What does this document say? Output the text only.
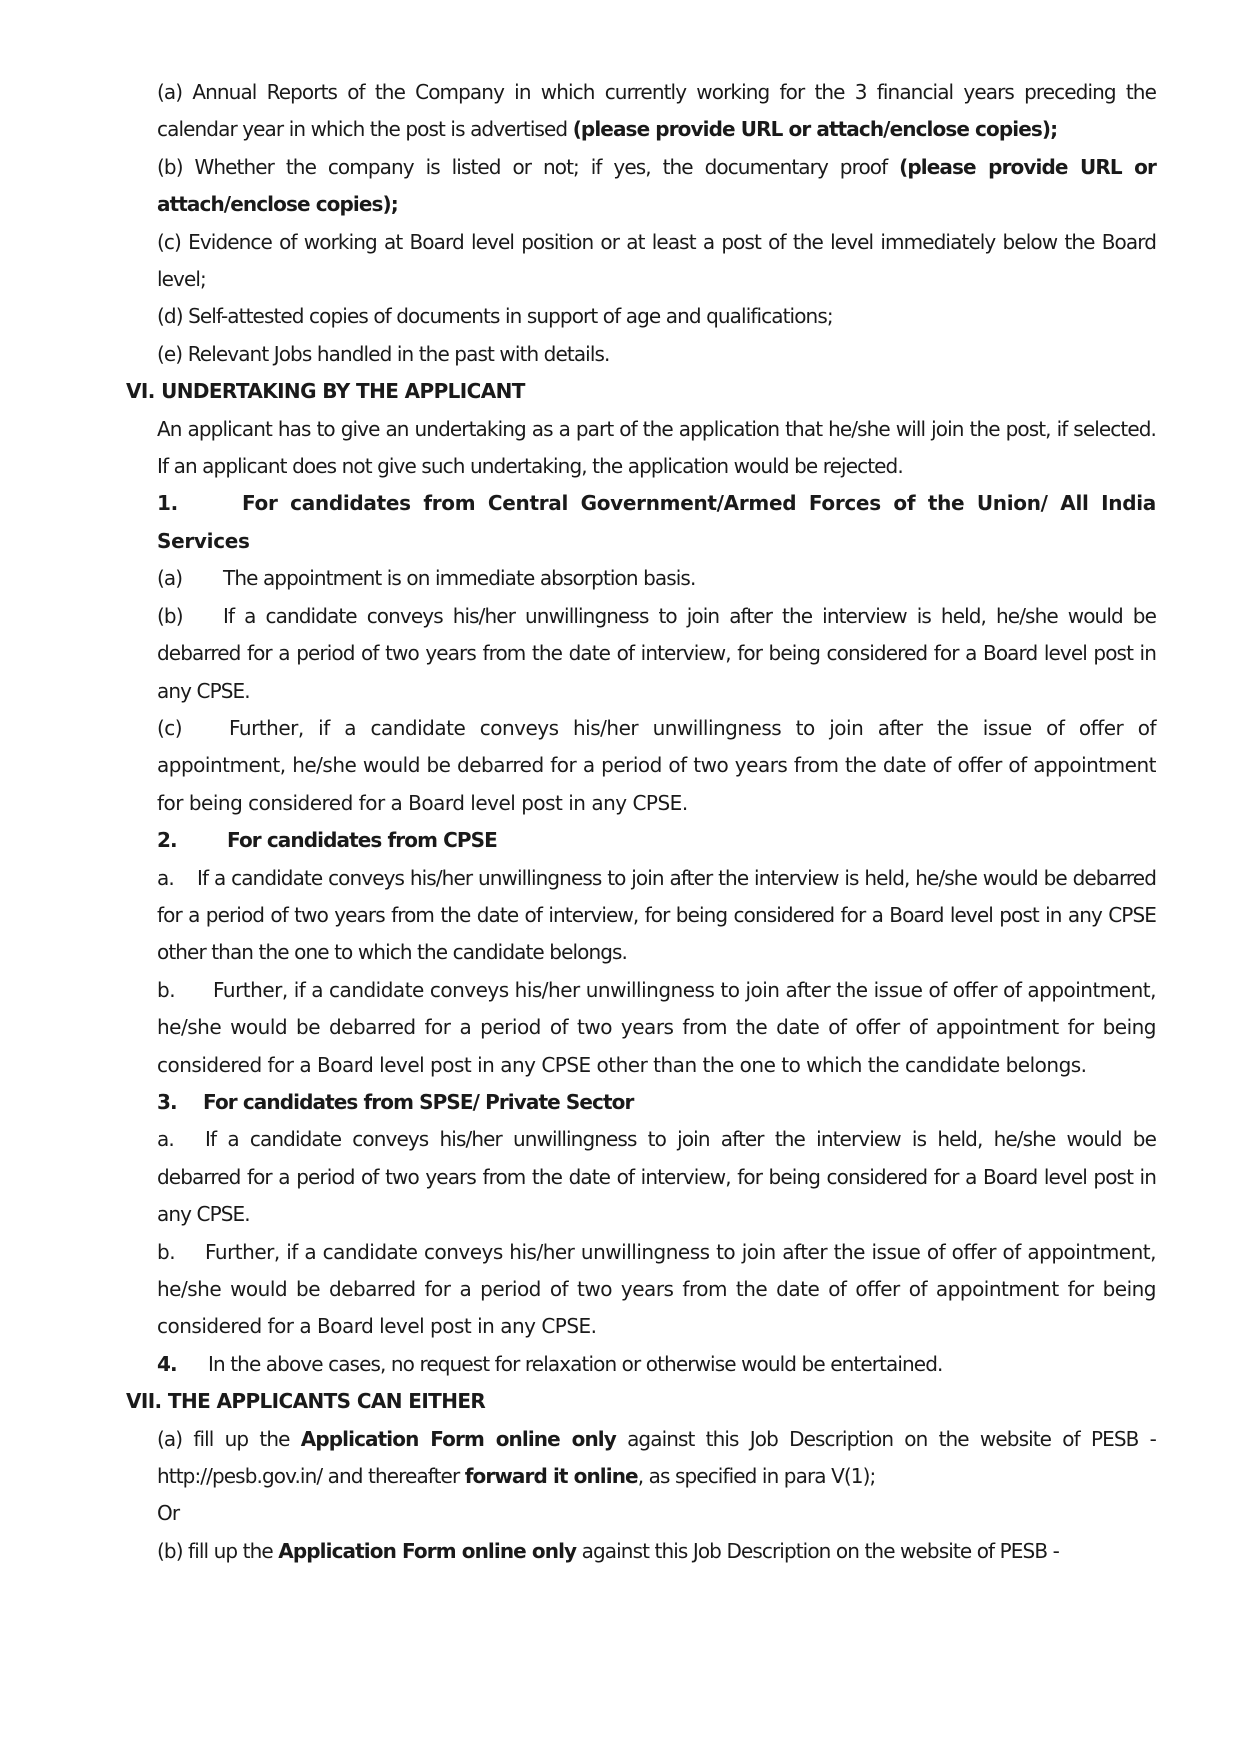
(a) Annual Reports of the Company in which currently working for the 3 financial years preceding the calendar year in which the post is advertised (please provide URL or attach/enclose copies);

(b) Whether the company is listed or not; if yes, the documentary proof (please provide URL or attach/enclose copies);

(c) Evidence of working at Board level position or at least a post of the level immediately below the Board level;

(d) Self-attested copies of documents in support of age and qualifications;

(e) Relevant Jobs handled in the past with details.

VI. UNDERTAKING BY THE APPLICANT

An applicant has to give an undertaking as a part of the application that he/she will join the post, if selected. If an applicant does not give such undertaking, the application would be rejected.

1.	For candidates from Central Government/Armed Forces of the Union/ All India Services

(a) The appointment is on immediate absorption basis.

(b) If a candidate conveys his/her unwillingness to join after the interview is held, he/she would be debarred for a period of two years from the date of interview, for being considered for a Board level post in any CPSE.

(c) Further, if a candidate conveys his/her unwillingness to join after the issue of offer of appointment, he/she would be debarred for a period of two years from the date of offer of appointment for being considered for a Board level post in any CPSE.

2.	For candidates from CPSE

a. If a candidate conveys his/her unwillingness to join after the interview is held, he/she would be debarred for a period of two years from the date of interview, for being considered for a Board level post in any CPSE other than the one to which the candidate belongs.

b. Further, if a candidate conveys his/her unwillingness to join after the issue of offer of appointment, he/she would be debarred for a period of two years from the date of offer of appointment for being considered for a Board level post in any CPSE other than the one to which the candidate belongs.

3. For candidates from SPSE/ Private Sector

a. If a candidate conveys his/her unwillingness to join after the interview is held, he/she would be debarred for a period of two years from the date of interview, for being considered for a Board level post in any CPSE.

b. Further, if a candidate conveys his/her unwillingness to join after the issue of offer of appointment, he/she would be debarred for a period of two years from the date of offer of appointment for being considered for a Board level post in any CPSE.

4. In the above cases, no request for relaxation or otherwise would be entertained.

VII. THE APPLICANTS CAN EITHER

(a) fill up the Application Form online only against this Job Description on the website of PESB - http://pesb.gov.in/ and thereafter forward it online, as specified in para V(1);

Or

(b) fill up the Application Form online only against this Job Description on the website of PESB -
